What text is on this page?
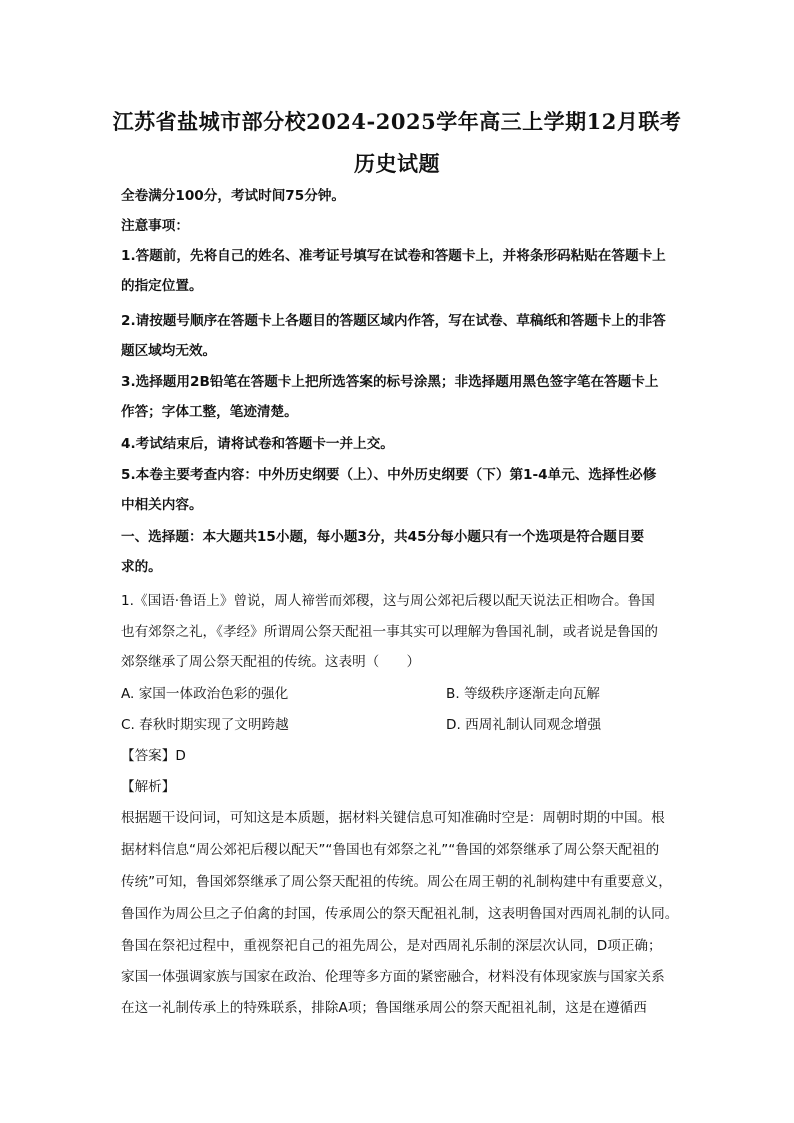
江苏省盐城市部分校2024-2025学年高三上学期12月联考
历史试题
全卷满分100分，考试时间75分钟。
注意事项：
1.答题前，先将自己的姓名、准考证号填写在试卷和答题卡上，并将条形码粘贴在答题卡上
的指定位置。
2.请按题号顺序在答题卡上各题目的答题区域内作答，写在试卷、草稿纸和答题卡上的非答
题区域均无效。
3.选择题用2B铅笔在答题卡上把所选答案的标号涂黑；非选择题用黑色签字笔在答题卡上
作答；字体工整，笔迹清楚。
4.考试结束后，请将试卷和答题卡一并上交。
5.本卷主要考查内容：中外历史纲要（上）、中外历史纲要（下）第1-4单元、选择性必修
中相关内容。
一、选择题：本大题共15小题，每小题3分，共45分每小题只有一个选项是符合题目要
求的。
1.《国语·鲁语上》曾说，周人禘喾而郊稷，这与周公郊祀后稷以配天说法正相吻合。鲁国
也有郊祭之礼，《孝经》所谓周公祭天配祖一事其实可以理解为鲁国礼制，或者说是鲁国的
郊祭继承了周公祭天配祖的传统。这表明（　　）
A. 家国一体政治色彩的强化	B. 等级秩序逐渐走向瓦解
C. 春秋时期实现了文明跨越	D. 西周礼制认同观念增强
【答案】D
【解析】
根据题干设问词，可知这是本质题，据材料关键信息可知准确时空是：周朝时期的中国。根
据材料信息“周公郊祀后稷以配天”“鲁国也有郊祭之礼”“鲁国的郊祭继承了周公祭天配祖的
传统”可知，鲁国郊祭继承了周公祭天配祖的传统。周公在周王朝的礼制构建中有重要意义，
鲁国作为周公旦之子伯禽的封国，传承周公的祭天配祖礼制，这表明鲁国对西周礼制的认同。
鲁国在祭祀过程中，重视祭祀自己的祖先周公，是对西周礼乐制的深层次认同，D项正确；
家国一体强调家族与国家在政治、伦理等多方面的紧密融合，材料没有体现家族与国家关系
在这一礼制传承上的特殊联系，排除A项；鲁国继承周公的祭天配祖礼制，这是在遵循西
